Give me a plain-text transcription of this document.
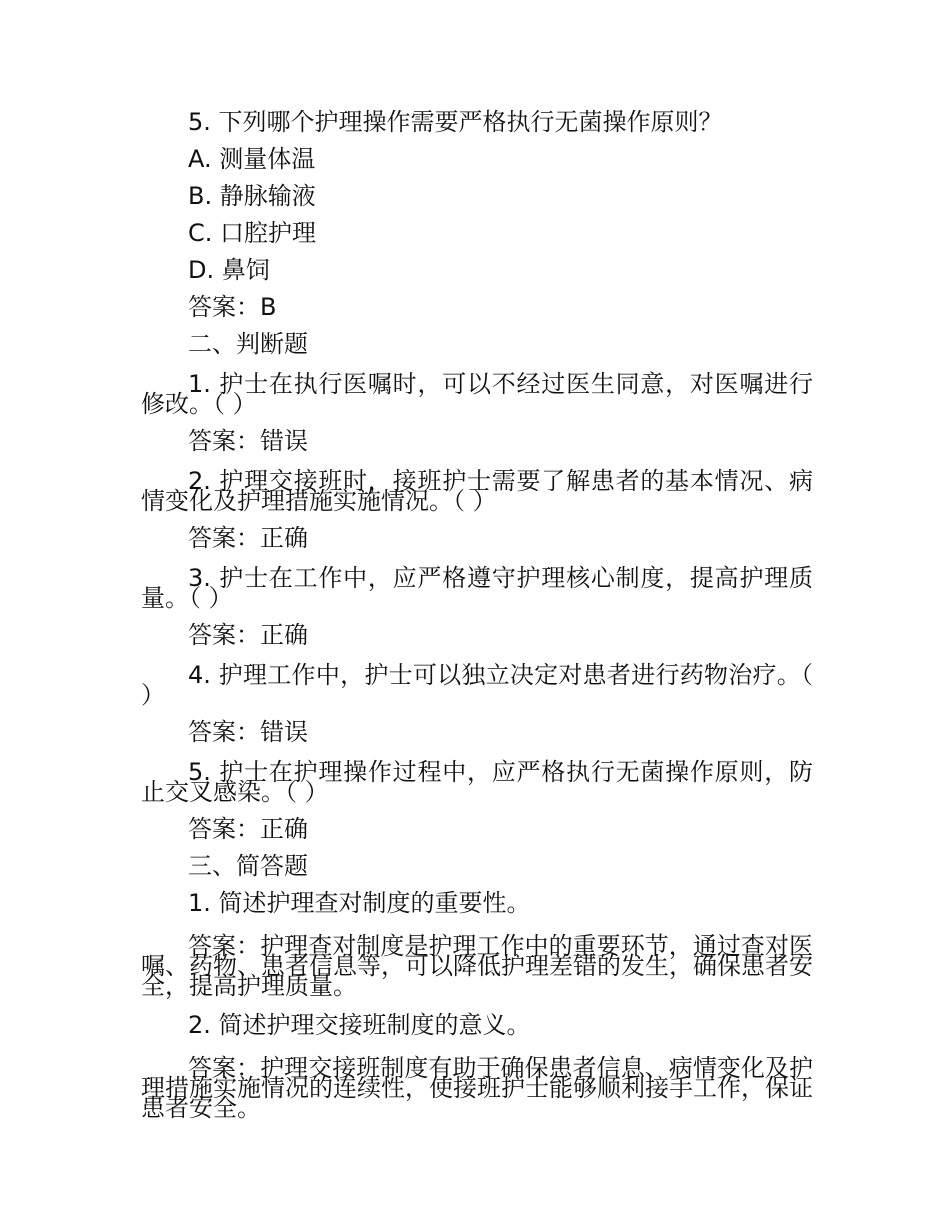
5. 下列哪个护理操作需要严格执行无菌操作原则？
A. 测量体温
B. 静脉输液
C. 口腔护理
D. 鼻饲
答案：B
二、判断题
1. 护士在执行医嘱时，可以不经过医生同意，对医嘱进行修改。（ ）
答案：错误
2. 护理交接班时，接班护士需要了解患者的基本情况、病情变化及护理措施实施情况。（ ）
答案：正确
3. 护士在工作中，应严格遵守护理核心制度，提高护理质量。（ ）
答案：正确
4. 护理工作中，护士可以独立决定对患者进行药物治疗。（ ）
答案：错误
5. 护士在护理操作过程中，应严格执行无菌操作原则，防止交叉感染。（ ）
答案：正确
三、简答题
1. 简述护理查对制度的重要性。
答案：护理查对制度是护理工作中的重要环节，通过查对医嘱、药物、患者信息等，可以降低护理差错的发生，确保患者安全，提高护理质量。
2. 简述护理交接班制度的意义。
答案：护理交接班制度有助于确保患者信息、病情变化及护理措施实施情况的连续性，使接班护士能够顺利接手工作，保证患者安全。
